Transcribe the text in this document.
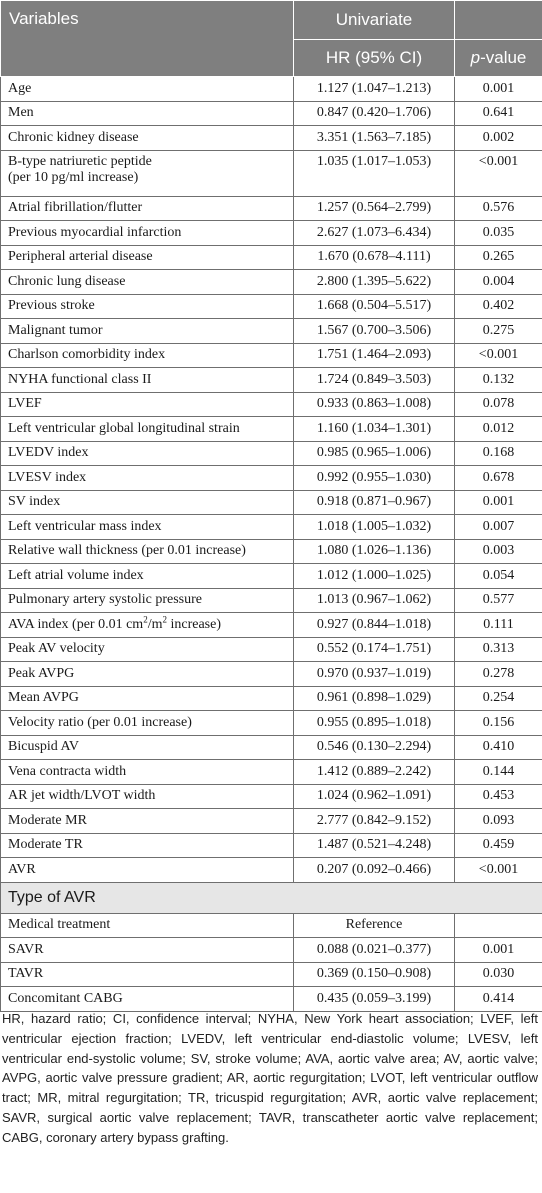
Variables	Univariate	
	HR (95% CI)	p-value
Age	1.127 (1.047–1.213)	0.001
Men	0.847 (0.420–1.706)	0.641
Chronic kidney disease	3.351 (1.563–7.185)	0.002
B-type natriuretic peptide
(per 10 pg/ml increase)	1.035 (1.017–1.053)	<0.001
Atrial fibrillation/flutter	1.257 (0.564–2.799)	0.576
Previous myocardial infarction	2.627 (1.073–6.434)	0.035
Peripheral arterial disease	1.670 (0.678–4.111)	0.265
Chronic lung disease	2.800 (1.395–5.622)	0.004
Previous stroke	1.668 (0.504–5.517)	0.402
Malignant tumor	1.567 (0.700–3.506)	0.275
Charlson comorbidity index	1.751 (1.464–2.093)	<0.001
NYHA functional class II	1.724 (0.849–3.503)	0.132
LVEF	0.933 (0.863–1.008)	0.078
Left ventricular global longitudinal strain	1.160 (1.034–1.301)	0.012
LVEDV index	0.985 (0.965–1.006)	0.168
LVESV index	0.992 (0.955–1.030)	0.678
SV index	0.918 (0.871–0.967)	0.001
Left ventricular mass index	1.018 (1.005–1.032)	0.007
Relative wall thickness (per 0.01 increase)	1.080 (1.026–1.136)	0.003
Left atrial volume index	1.012 (1.000–1.025)	0.054
Pulmonary artery systolic pressure	1.013 (0.967–1.062)	0.577
AVA index (per 0.01 $cm^2/m^2$ increase)	0.927 (0.844–1.018)	0.111
Peak AV velocity	0.552 (0.174–1.751)	0.313
Peak AVPG	0.970 (0.937–1.019)	0.278
Mean AVPG	0.961 (0.898–1.029)	0.254
Velocity ratio (per 0.01 increase)	0.955 (0.895–1.018)	0.156
Bicuspid AV	0.546 (0.130–2.294)	0.410
Vena contracta width	1.412 (0.889–2.242)	0.144
AR jet width/LVOT width	1.024 (0.962–1.091)	0.453
Moderate MR	2.777 (0.842–9.152)	0.093
Moderate TR	1.487 (0.521–4.248)	0.459
AVR	0.207 (0.092–0.466)	<0.001
Type of AVR		
Medical treatment	Reference	
SAVR	0.088 (0.021–0.377)	0.001
TAVR	0.369 (0.150–0.908)	0.030
Concomitant CABG	0.435 (0.059–3.199)	0.414
HR, hazard ratio; CI, confidence interval; NYHA, New York heart association; LVEF, left ventricular ejection fraction; LVEDV, left ventricular end-diastolic volume; LVESV, left ventricular end-systolic volume; SV, stroke volume; AVA, aortic valve area; AV, aortic valve; AVPG, aortic valve pressure gradient; AR, aortic regurgitation; LVOT, left ventricular outflow tract; MR, mitral regurgitation; TR, tricuspid regurgitation; AVR, aortic valve replacement; SAVR, surgical aortic valve replacement; TAVR, transcatheter aortic valve replacement; CABG, coronary artery bypass grafting.
